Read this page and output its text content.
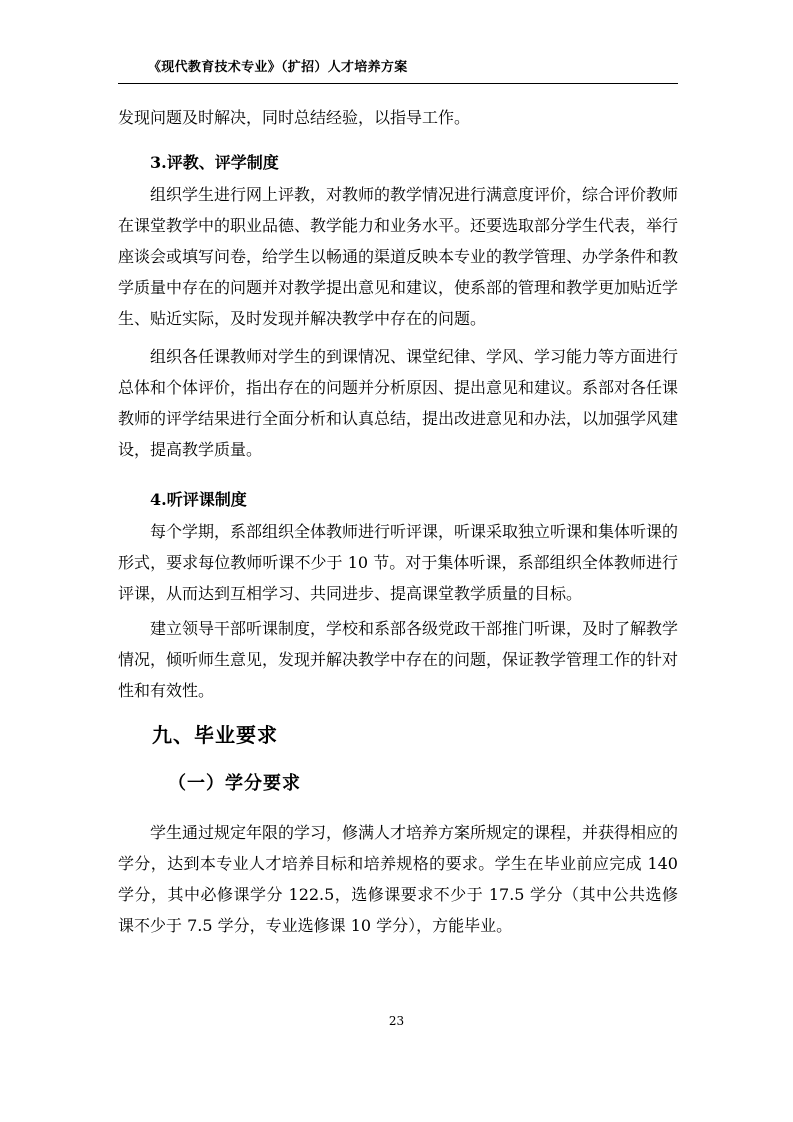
《现代教育技术专业》（扩招）人才培养方案
发现问题及时解决，同时总结经验，以指导工作。
3.评教、评学制度
组织学生进行网上评教，对教师的教学情况进行满意度评价，综合评价教师在课堂教学中的职业品德、教学能力和业务水平。还要选取部分学生代表，举行座谈会或填写问卷，给学生以畅通的渠道反映本专业的教学管理、办学条件和教学质量中存在的问题并对教学提出意见和建议，使系部的管理和教学更加贴近学生、贴近实际，及时发现并解决教学中存在的问题。
组织各任课教师对学生的到课情况、课堂纪律、学风、学习能力等方面进行总体和个体评价，指出存在的问题并分析原因、提出意见和建议。系部对各任课教师的评学结果进行全面分析和认真总结，提出改进意见和办法，以加强学风建设，提高教学质量。
4.听评课制度
每个学期，系部组织全体教师进行听评课，听课采取独立听课和集体听课的形式，要求每位教师听课不少于 10 节。对于集体听课，系部组织全体教师进行评课，从而达到互相学习、共同进步、提高课堂教学质量的目标。
建立领导干部听课制度，学校和系部各级党政干部推门听课，及时了解教学情况，倾听师生意见，发现并解决教学中存在的问题，保证教学管理工作的针对性和有效性。
九、毕业要求
（一）学分要求
学生通过规定年限的学习，修满人才培养方案所规定的课程，并获得相应的学分，达到本专业人才培养目标和培养规格的要求。学生在毕业前应完成 140 学分，其中必修课学分 122.5，选修课要求不少于 17.5 学分（其中公共选修课不少于 7.5 学分，专业选修课 10 学分），方能毕业。
23
